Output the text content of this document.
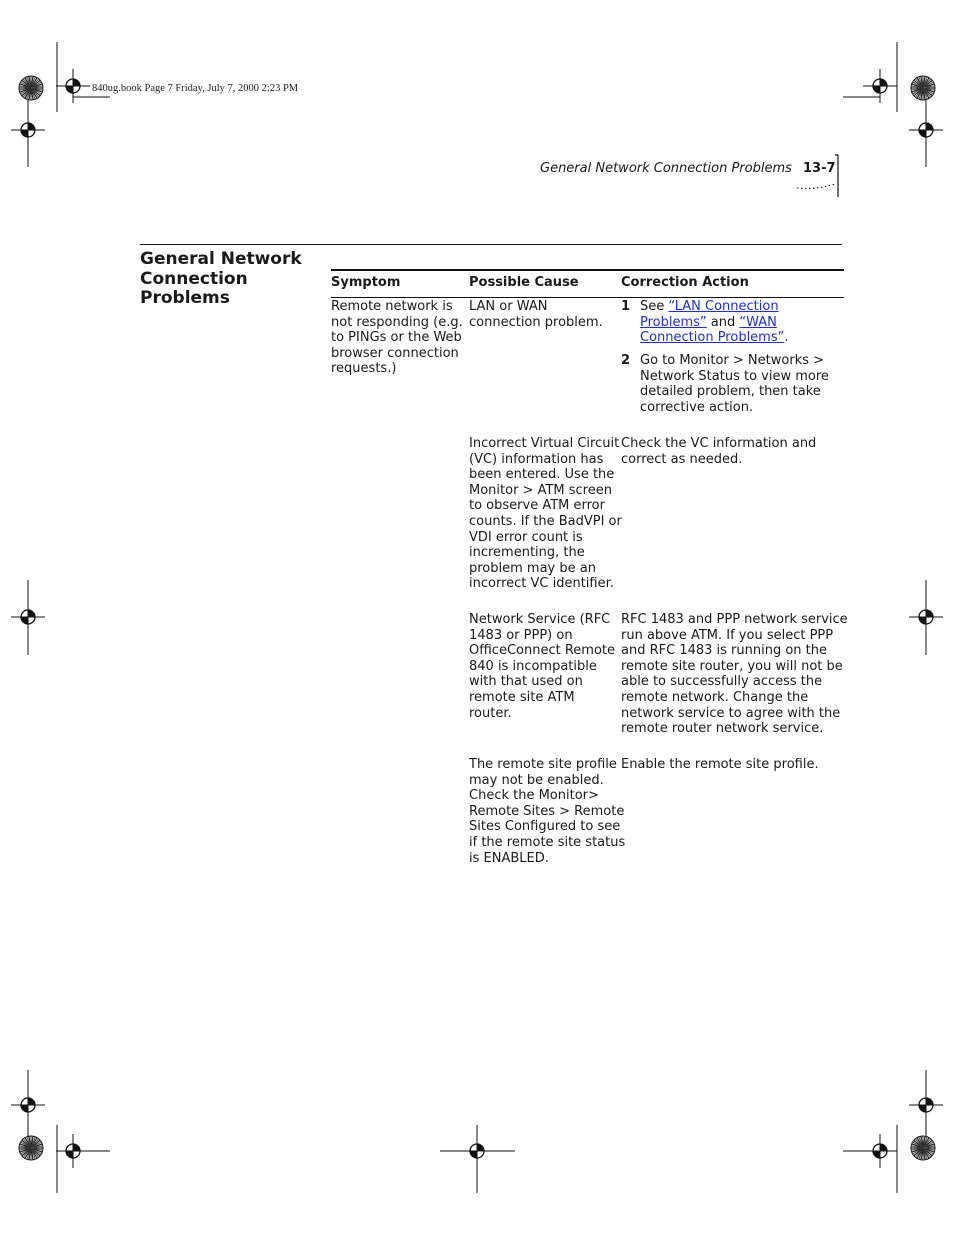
840ug.book Page 7 Friday, July 7, 2000 2:23 PM
General Network Connection Problems 13-7
General Network
Connection
Problems
Symptom	Possible Cause	Correction Action
Remote network is
not responding (e.g.
to PINGs or the Web
browser connection
requests.)
LAN or WAN
connection problem.
1 See “LAN Connection
Problems” and “WAN
Connection Problems”.
2 Go to Monitor > Networks >
Network Status to view more
detailed problem, then take
corrective action.
Incorrect Virtual Circuit
(VC) information has
been entered. Use the
Monitor > ATM screen
to observe ATM error
counts. If the BadVPI or
VDI error count is
incrementing, the
problem may be an
incorrect VC identifier.
Check the VC information and
correct as needed.
Network Service (RFC
1483 or PPP) on
OfficeConnect Remote
840 is incompatible
with that used on
remote site ATM
router.
RFC 1483 and PPP network service
run above ATM. If you select PPP
and RFC 1483 is running on the
remote site router, you will not be
able to successfully access the
remote network. Change the
network service to agree with the
remote router network service.
The remote site profile
may not be enabled.
Check the Monitor>
Remote Sites > Remote
Sites Configured to see
if the remote site status
is ENABLED.
Enable the remote site profile.
